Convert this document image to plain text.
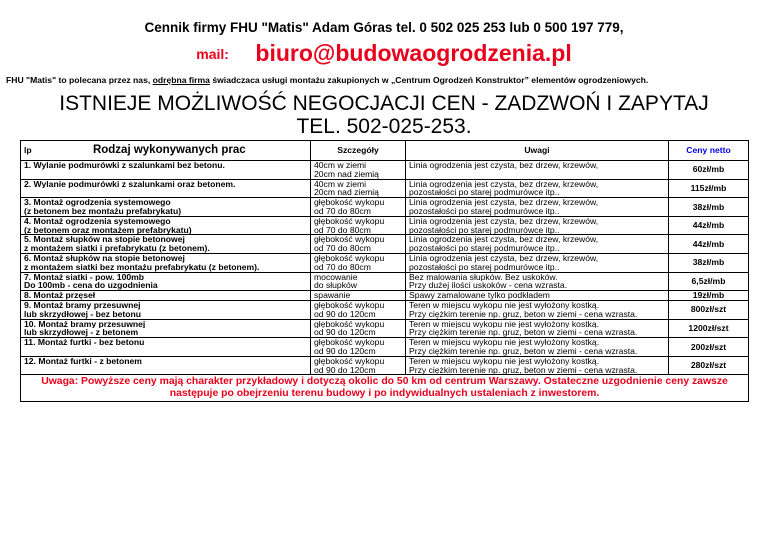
Cennik firmy FHU "Matis" Adam Góras tel. 0 502 025 253 lub 0 500 197 779,
mail: biuro@budowaogrodzenia.pl
FHU "Matis" to polecana przez nas, odrębna firma świadczaca usługi montażu zakupionych w „Centrum Ogrodzeń Konstruktor” elementów ogrodzeniowych.
ISTNIEJE MOŻLIWOŚĆ NEGOCJACJI CEN - ZADZWOŃ I ZAPYTAJ
TEL. 502-025-253.
lp Rodzaj wykonywanych prac	Szczegóły	Uwagi	Ceny netto
1. Wylanie podmurówki z szalunkami bez betonu.	40cm w ziemi	Linia ogrodzenia jest czysta, bez drzew, krzewów,	60zł/mb
	20cm nad ziemią		
2. Wylanie podmurówki z szalunkami oraz betonem.	40cm w ziemi	Linia ogrodzenia jest czysta, bez drzew, krzewów,	115zł/mb
	20cm nad ziemią	pozostałości po starej podmurówce itp..	
3. Montaż ogrodzenia systemowego	głębokość wykopu	Linia ogrodzenia jest czysta, bez drzew, krzewów,	38zł/mb
(z betonem bez montażu prefabrykatu)	od 70 do 80cm	pozostałości po starej podmurówce itp..	
4. Montaż ogrodzenia systemowego	głębokość wykopu	Linia ogrodzenia jest czysta, bez drzew, krzewów,	44zł/mb
(z betonem oraz montażem prefabrykatu)	od 70 do 80cm	pozostałości po starej podmurówce itp..	
5. Montaż słupków na stopie betonowej	głębokość wykopu	Linia ogrodzenia jest czysta, bez drzew, krzewów,	44zł/mb
z montażem siatki i prefabrykatu (z betonem).	od 70 do 80cm	pozostałości po starej podmurówce itp..	
6. Montaż słupków na stopie betonowej	głębokość wykopu	Linia ogrodzenia jest czysta, bez drzew, krzewów,	38zł/mb
z montażem siatki bez montażu prefabrykatu (z betonem).	od 70 do 80cm	pozostałości po starej podmurówce itp..	
7. Montaż siatki - pow. 100mb	mocowanie	Bez malowania słupków. Bez uskoków.	6,5zł/mb
Do 100mb - cena do uzgodnienia	do słupków	Przy dużej ilości uskoków - cena wzrasta.	
8. Montaż przęseł	spawanie	Spawy zamalowane tylko podkładem	19zł/mb
9. Montaż bramy przesuwnej	głębokość wykopu	Teren w miejscu wykopu nie jest wyłożony kostką.	800zł/szt
lub skrzydłowej - bez betonu	od 90 do 120cm	Przy ciężkim terenie np. gruz, beton w ziemi - cena wzrasta.	
10. Montaż bramy przesuwnej	głębokość wykopu	Teren w miejscu wykopu nie jest wyłożony kostką.	1200zł/szt
lub skrzydłowej - z betonem	od 90 do 120cm	Przy ciężkim terenie np. gruz, beton w ziemi - cena wzrasta.	
11. Montaż furtki - bez betonu	głębokość wykopu	Teren w miejscu wykopu nie jest wyłożony kostką.	200zł/szt
	od 90 do 120cm	Przy ciężkim terenie np. gruz, beton w ziemi - cena wzrasta.	
12. Montaż furtki - z betonem	głębokość wykopu	Teren w miejscu wykopu nie jest wyłożony kostką.	280zł/szt
	od 90 do 120cm	Przy ciężkim terenie np. gruz, beton w ziemi - cena wzrasta.	
Uwaga: Powyższe ceny mają charakter przykładowy i dotyczą okolic do 50 km od centrum Warszawy. Ostateczne uzgodnienie ceny zawsze następuje po obejrzeniu terenu budowy i po indywidualnych ustaleniach z inwestorem.			
